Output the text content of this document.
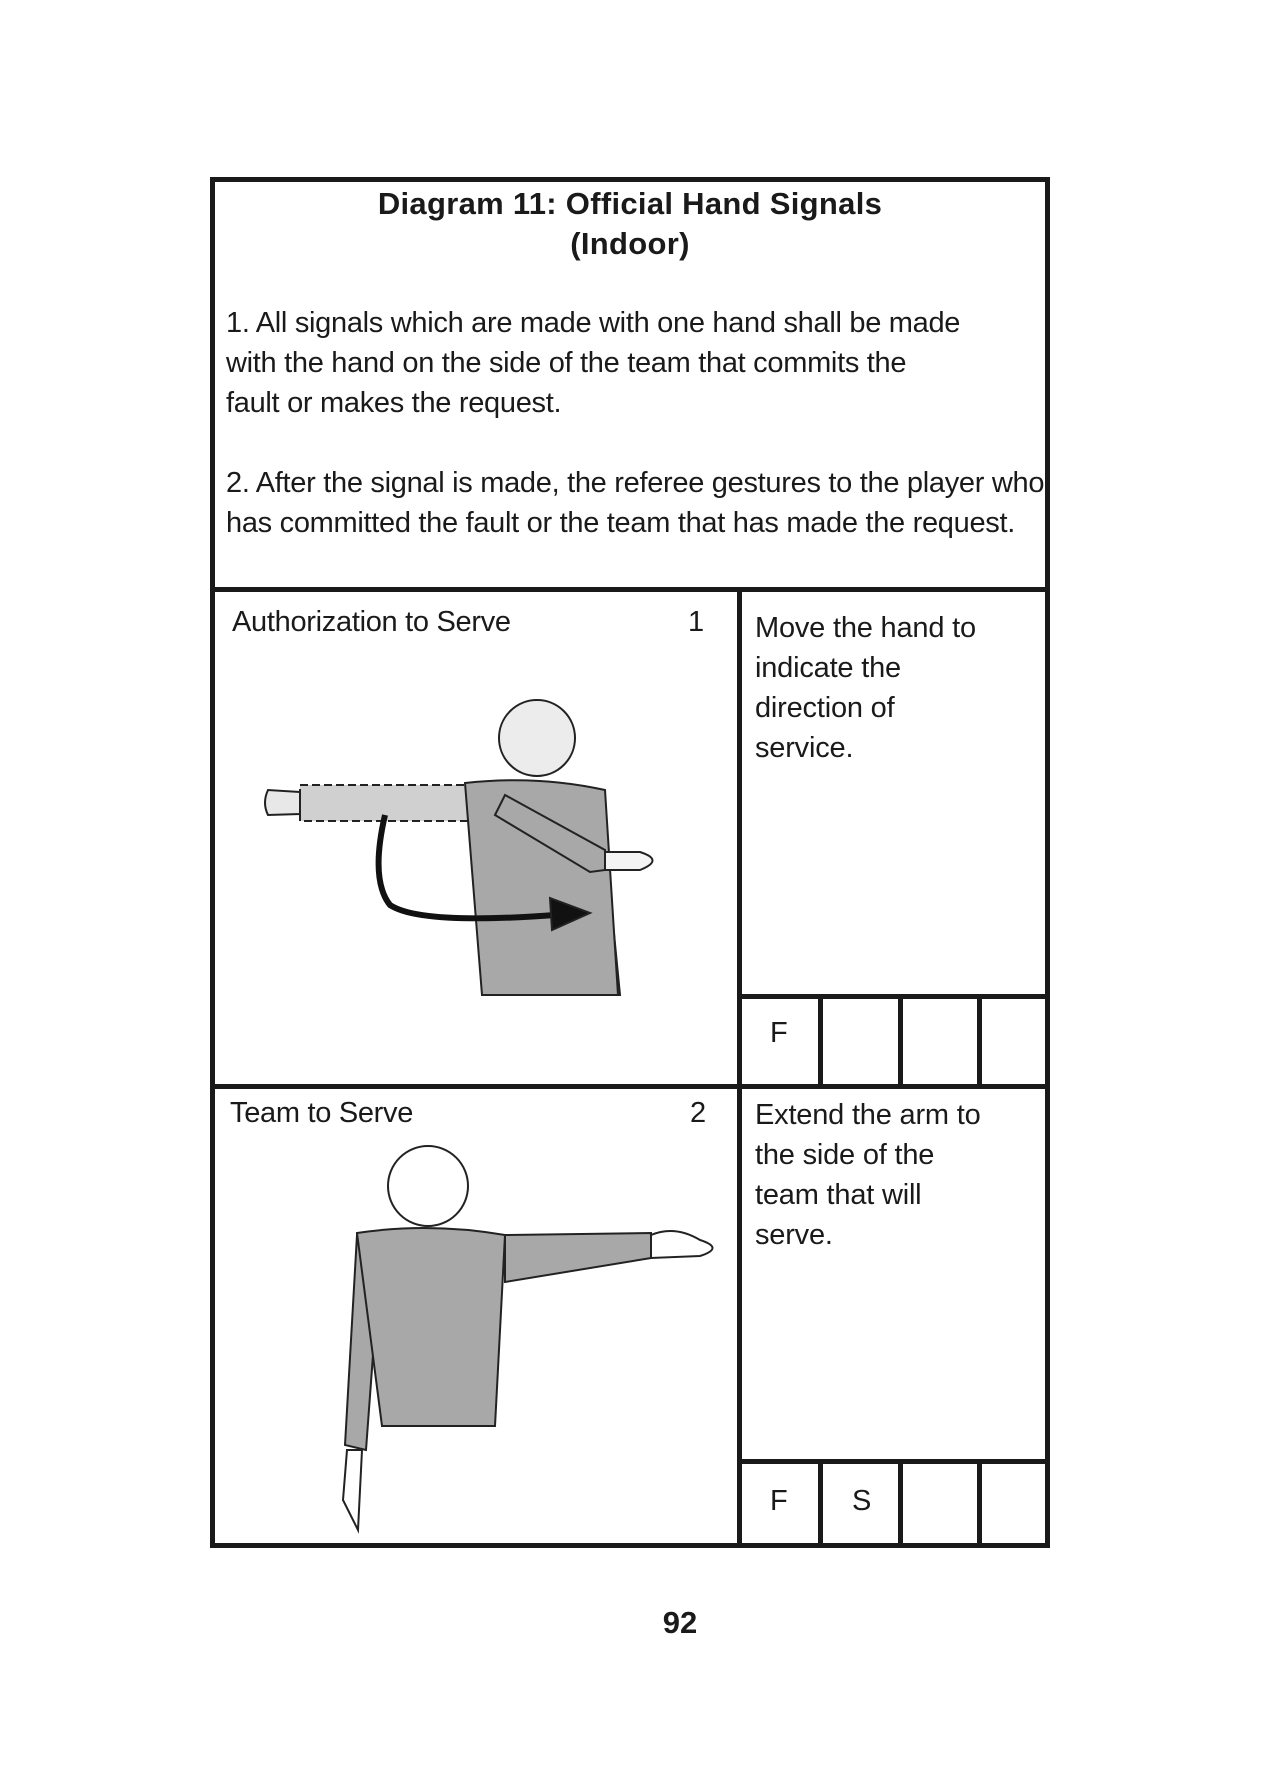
Diagram 11: Official Hand Signals
(Indoor)
1. All signals which are made with one hand shall be made with the hand on the side of the team that commits the fault or makes the request.
2. After the signal is made, the referee gestures to the player who has committed the fault or the team that has made the request.
Authorization to Serve	1 Move the hand to indicate the direction of service.
F
Team to Serve	2 Extend the arm to the side of the team that will serve.
F S
92
